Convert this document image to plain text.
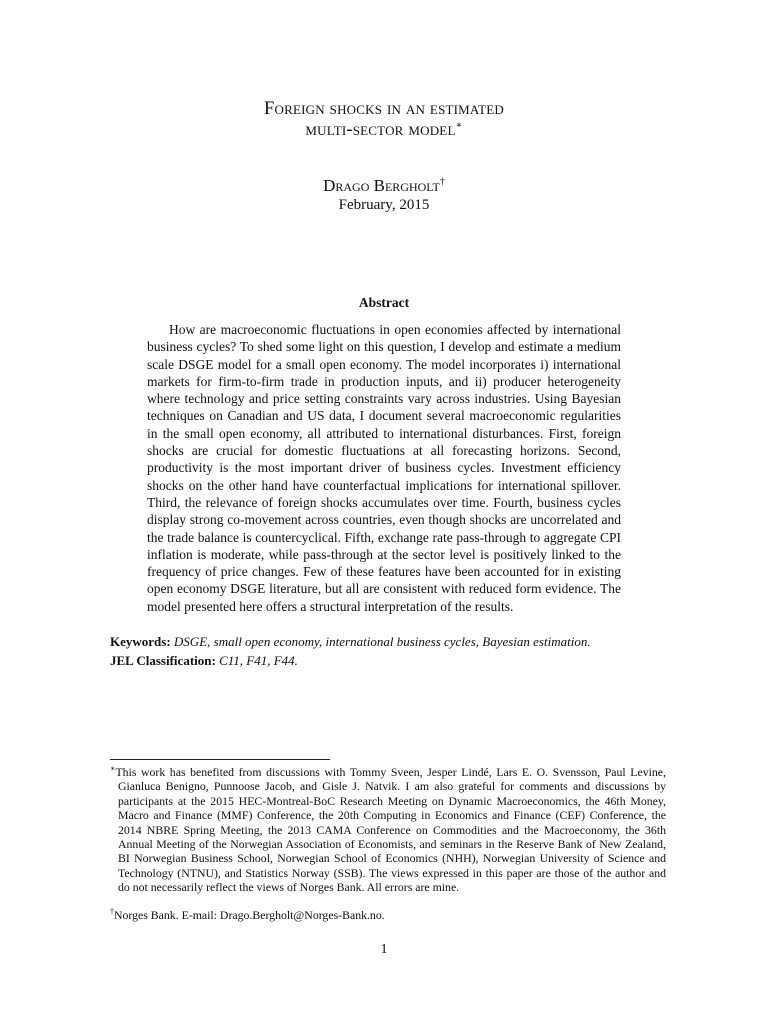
Foreign shocks in an estimated
multi-sector model∗
Drago Bergholt†
February, 2015
Abstract

How are macroeconomic fluctuations in open economies affected by international business cycles? To shed some light on this question, I develop and estimate a medium scale DSGE model for a small open economy. The model incorporates i) international markets for firm-to-firm trade in production inputs, and ii) producer heterogeneity where technology and price setting constraints vary across industries. Using Bayesian techniques on Canadian and US data, I document several macroeconomic regularities in the small open economy, all attributed to international disturbances. First, foreign shocks are crucial for domestic fluctuations at all forecasting horizons. Second, productivity is the most important driver of business cycles. Investment efficiency shocks on the other hand have counterfactual implications for international spillover. Third, the relevance of foreign shocks accumulates over time. Fourth, business cycles display strong co-movement across countries, even though shocks are uncorrelated and the trade balance is countercyclical. Fifth, exchange rate pass-through to aggregate CPI inflation is moderate, while pass-through at the sector level is positively linked to the frequency of price changes. Few of these features have been accounted for in existing open economy DSGE literature, but all are consistent with reduced form evidence. The model presented here offers a structural interpretation of the results.

Keywords: DSGE, small open economy, international business cycles, Bayesian estimation.

JEL Classification: C11, F41, F44.

∗This work has benefited from discussions with Tommy Sveen, Jesper Lindé, Lars E. O. Svensson, Paul Levine, Gianluca Benigno, Punnoose Jacob, and Gisle J. Natvik. I am also grateful for comments and discussions by participants at the 2015 HEC-Montreal-BoC Research Meeting on Dynamic Macroeconomics, the 46th Money, Macro and Finance (MMF) Conference, the 20th Computing in Economics and Finance (CEF) Conference, the 2014 NBRE Spring Meeting, the 2013 CAMA Conference on Commodities and the Macroeconomy, the 36th Annual Meeting of the Norwegian Association of Economists, and seminars in the Reserve Bank of New Zealand, BI Norwegian Business School, Norwegian School of Economics (NHH), Norwegian University of Science and Technology (NTNU), and Statistics Norway (SSB). The views expressed in this paper are those of the author and do not necessarily reflect the views of Norges Bank. All errors are mine.

†Norges Bank. E-mail: Drago.Bergholt@Norges-Bank.no.

1
